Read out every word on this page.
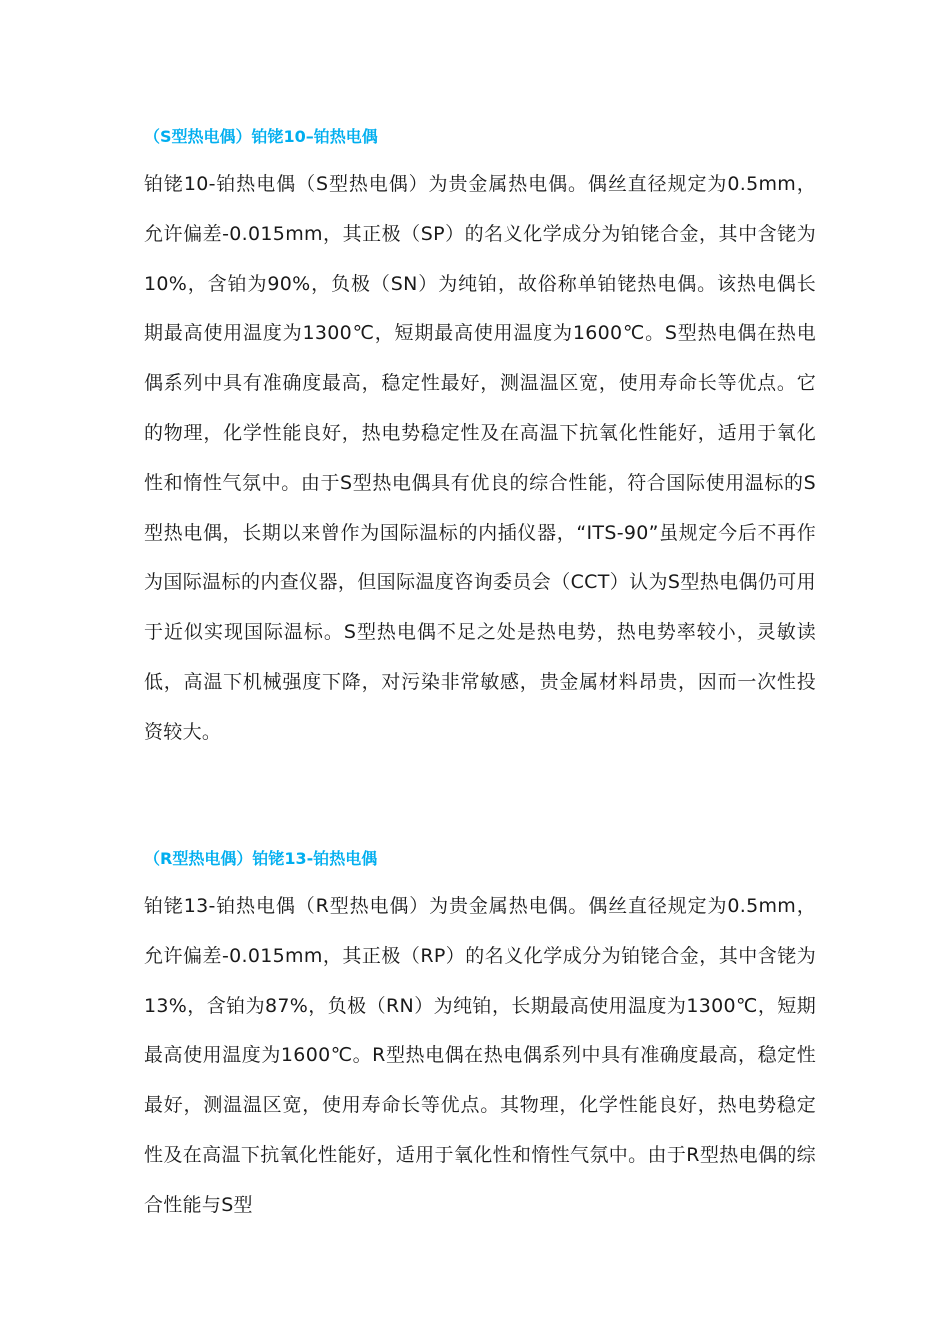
（S型热电偶）铂铑10–铂热电偶

铂铑10-铂热电偶（S型热电偶）为贵金属热电偶。偶丝直径规定为0.5mm，允许偏差-0.015mm，其正极（SP）的名义化学成分为铂铑合金，其中含铑为10%，含铂为90%，负极（SN）为纯铂，故俗称单铂铑热电偶。该热电偶长期最高使用温度为1300℃，短期最高使用温度为1600℃。S型热电偶在热电偶系列中具有准确度最高，稳定性最好，测温温区宽，使用寿命长等优点。它的物理，化学性能良好，热电势稳定性及在高温下抗氧化性能好，适用于氧化性和惰性气氛中。由于S型热电偶具有优良的综合性能，符合国际使用温标的S型热电偶，长期以来曾作为国际温标的内插仪器，“ITS-90”虽规定今后不再作为国际温标的内查仪器，但国际温度咨询委员会（CCT）认为S型热电偶仍可用于近似实现国际温标。S型热电偶不足之处是热电势，热电势率较小，灵敏读低，高温下机械强度下降，对污染非常敏感，贵金属材料昂贵，因而一次性投资较大。

（R型热电偶）铂铑13-铂热电偶

铂铑13-铂热电偶（R型热电偶）为贵金属热电偶。偶丝直径规定为0.5mm，允许偏差-0.015mm，其正极（RP）的名义化学成分为铂铑合金，其中含铑为13%，含铂为87%，负极（RN）为纯铂，长期最高使用温度为1300℃，短期最高使用温度为1600℃。R型热电偶在热电偶系列中具有准确度最高，稳定性最好，测温温区宽，使用寿命长等优点。其物理，化学性能良好，热电势稳定性及在高温下抗氧化性能好，适用于氧化性和惰性气氛中。由于R型热电偶的综合性能与S型
